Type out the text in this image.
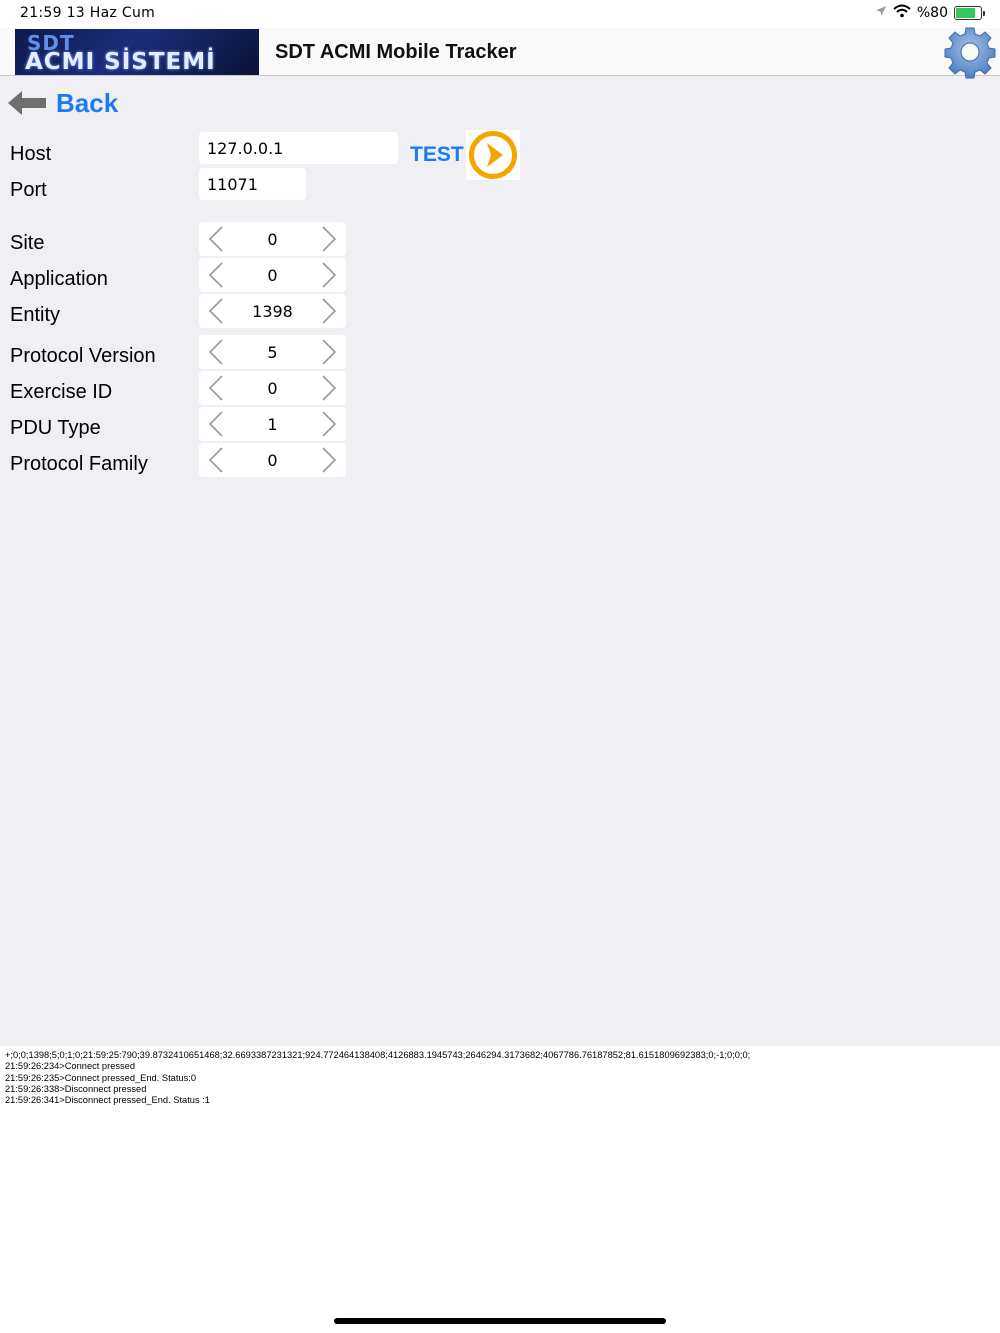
21:59 13 Haz Cum	%80
SDT
ACMI SİSTEMİ	SDT ACMI Mobile Tracker
Back
Host	127.0.0.1
Port	11071
TEST
Site	0
Application	0
Entity	1398
Protocol Version	5
Exercise ID	0
PDU Type	1
Protocol Family	0
+;0;0;1398;5;0;1;0;21:59:25:790;39.8732410651468;32.6693387231321;924.772464138408;4126883.1945743;2646294.3173682;4067786.76187852;81.6151809692383;0;-1;0;0;0;
21:59:26:234>Connect pressed
21:59:26:235>Connect pressed_End. Status:0
21:59:26:338>Disconnect pressed
21:59:26:341>Disconnect pressed_End. Status :1
